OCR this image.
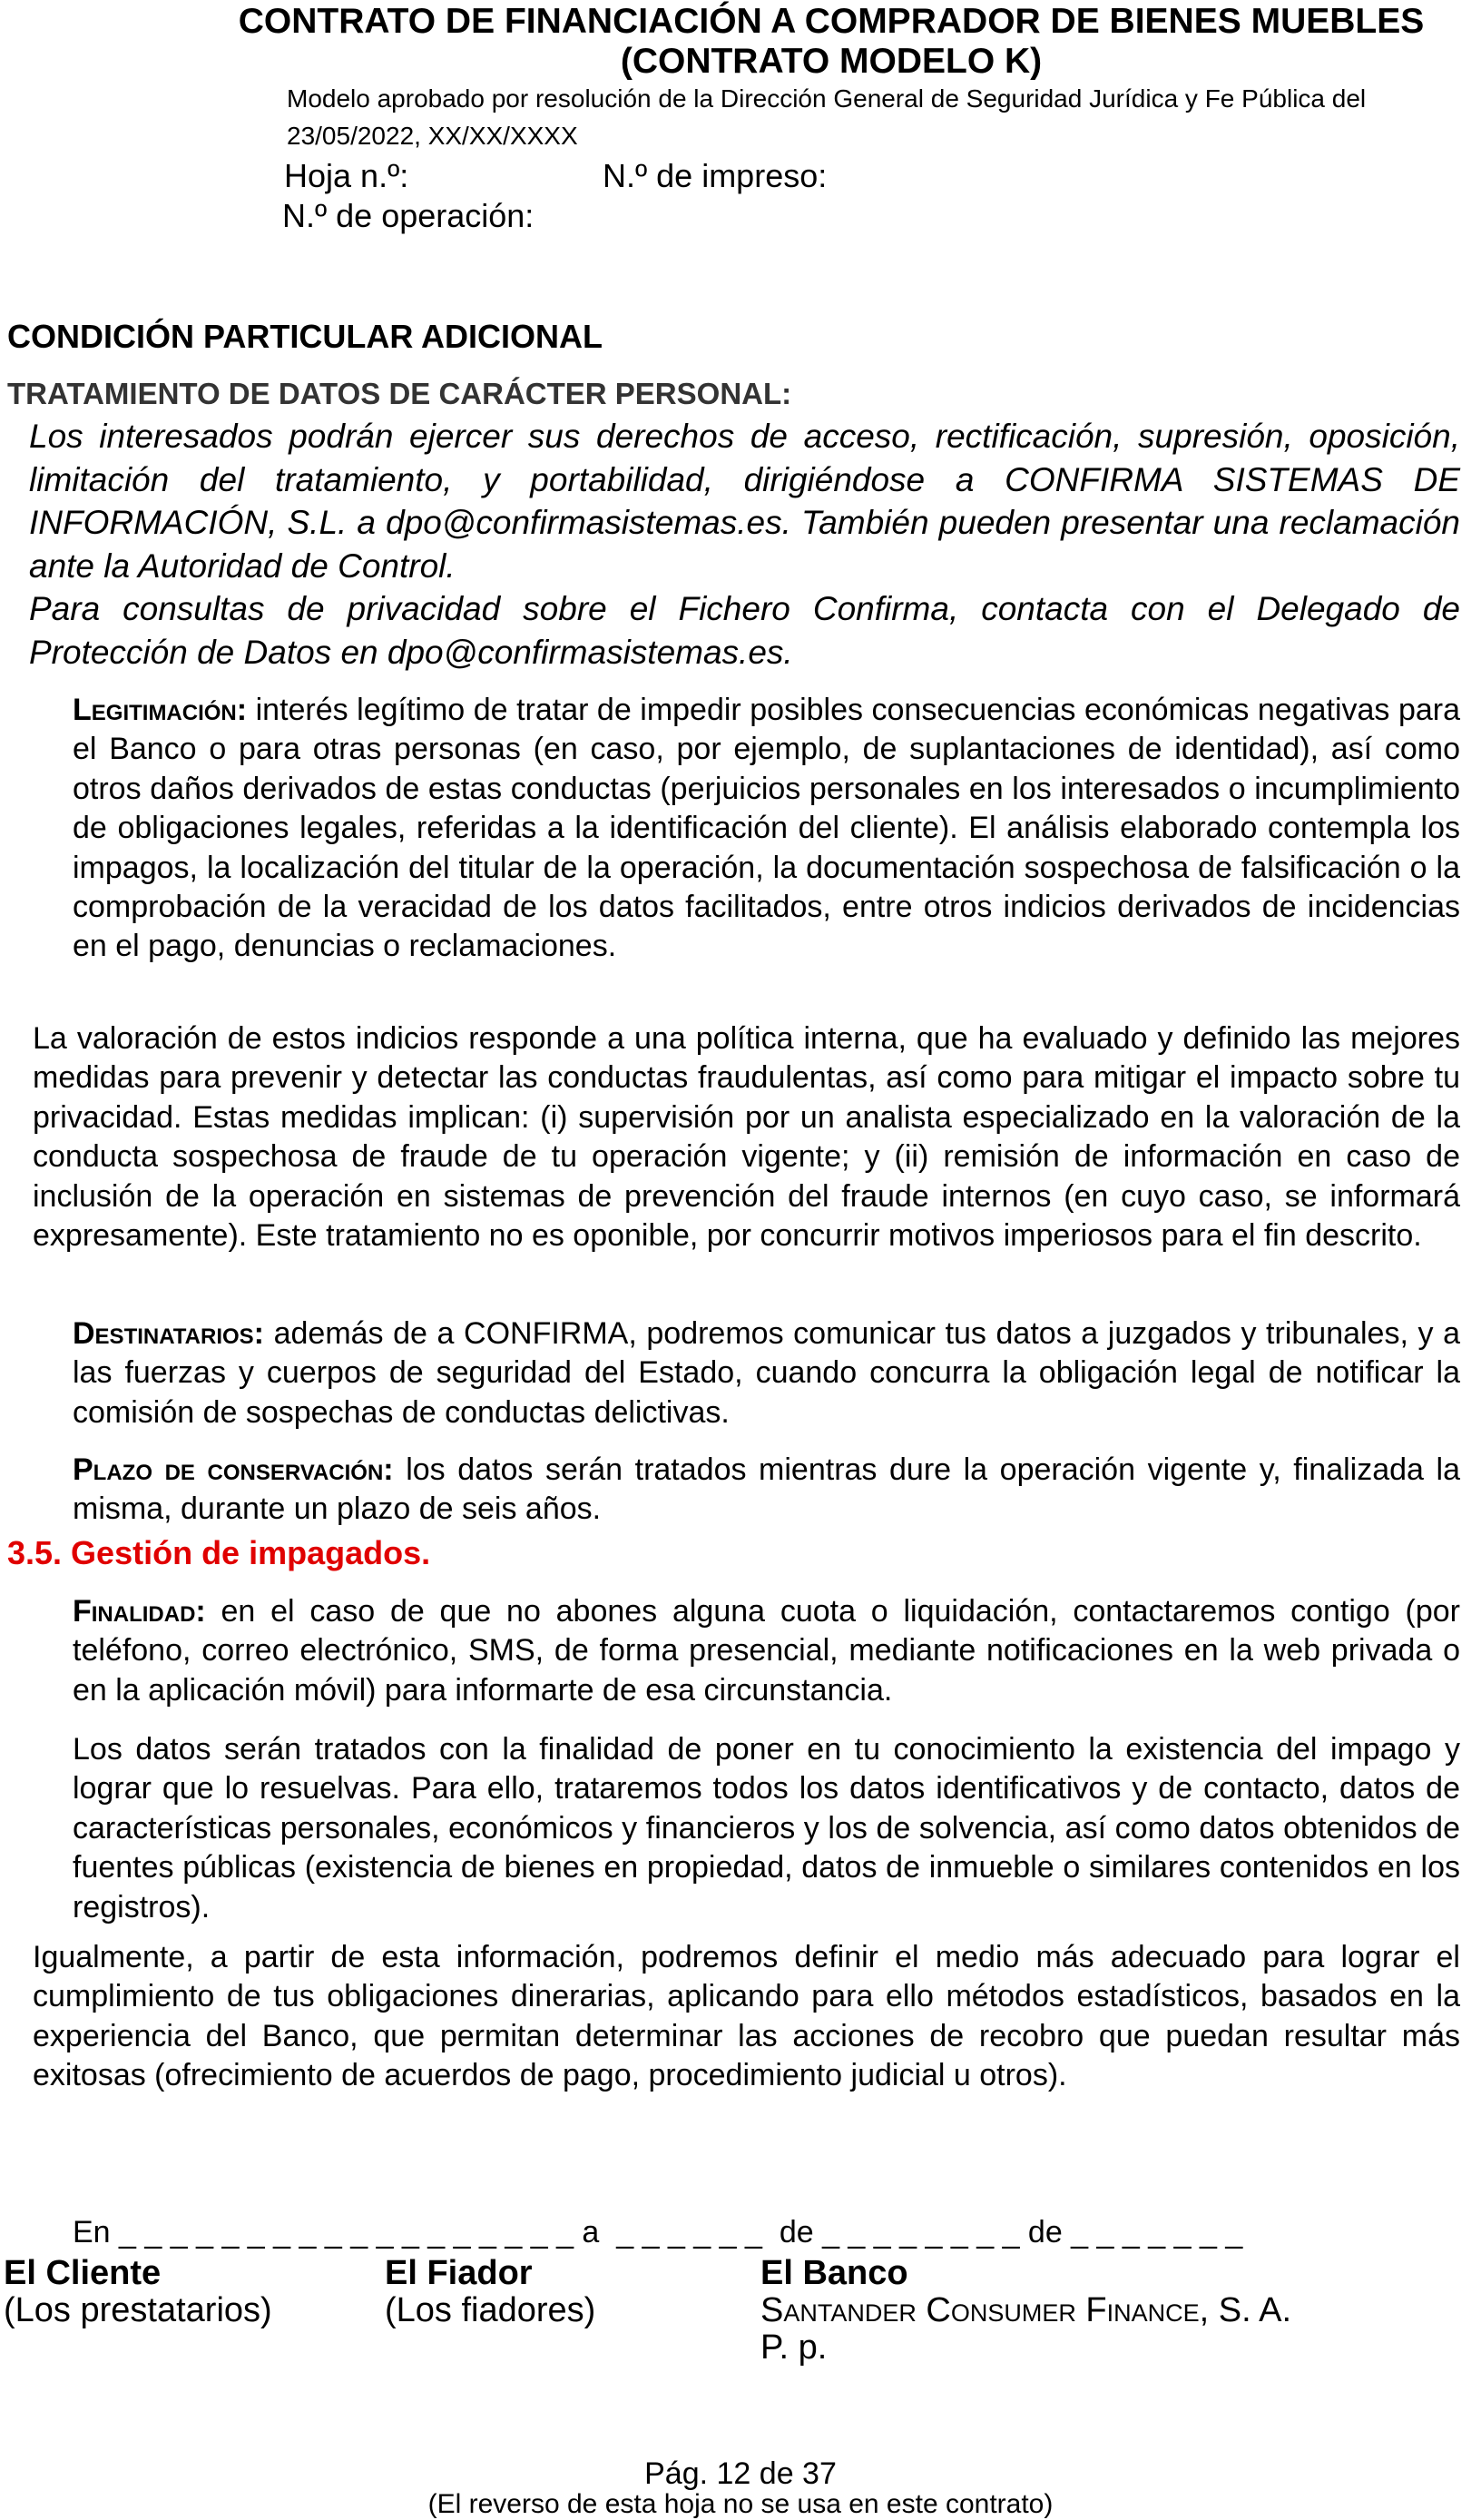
CONTRATO DE FINANCIACIÓN A COMPRADOR DE BIENES MUEBLES
(CONTRATO MODELO K)
Modelo aprobado por resolución de la Dirección General de Seguridad Jurídica y Fe Pública del
23/05/2022, XX/XX/XXXX
Hoja n.º:	N.º de impreso:
N.º de operación:
CONDICIÓN PARTICULAR ADICIONAL
TRATAMIENTO DE DATOS DE CARÁCTER PERSONAL:

Los interesados podrán ejercer sus derechos de acceso, rectificación, supresión, oposición, limitación del tratamiento, y portabilidad, dirigiéndose a CONFIRMA SISTEMAS DE INFORMACIÓN, S.L. a dpo@confirmasistemas.es. También pueden presentar una reclamación ante la Autoridad de Control.

Para consultas de privacidad sobre el Fichero Confirma, contacta con el Delegado de Protección de Datos en dpo@confirmasistemas.es.

Legitimación: interés legítimo de tratar de impedir posibles consecuencias económicas negativas para el Banco o para otras personas (en caso, por ejemplo, de suplantaciones de identidad), así como otros daños derivados de estas conductas (perjuicios personales en los interesados o incumplimiento de obligaciones legales, referidas a la identificación del cliente). El análisis elaborado contempla los impagos, la localización del titular de la operación, la documentación sospechosa de falsificación o la comprobación de la veracidad de los datos facilitados, entre otros indicios derivados de incidencias en el pago, denuncias o reclamaciones.

La valoración de estos indicios responde a una política interna, que ha evaluado y definido las mejores medidas para prevenir y detectar las conductas fraudulentas, así como para mitigar el impacto sobre tu privacidad. Estas medidas implican: (i) supervisión por un analista especializado en la valoración de la conducta sospechosa de fraude de tu operación vigente; y (ii) remisión de información en caso de inclusión de la operación en sistemas de prevención del fraude internos (en cuyo caso, se informará expresamente). Este tratamiento no es oponible, por concurrir motivos imperiosos para el fin descrito.

Destinatarios: además de a CONFIRMA, podremos comunicar tus datos a juzgados y tribunales, y a las fuerzas y cuerpos de seguridad del Estado, cuando concurra la obligación legal de notificar la comisión de sospechas de conductas delictivas.

Plazo de conservación: los datos serán tratados mientras dure la operación vigente y, finalizada la misma, durante un plazo de seis años.

3.5. Gestión de impagados.

Finalidad: en el caso de que no abones alguna cuota o liquidación, contactaremos contigo (por teléfono, correo electrónico, SMS, de forma presencial, mediante notificaciones en la web privada o en la aplicación móvil) para informarte de esa circunstancia.

Los datos serán tratados con la finalidad de poner en tu conocimiento la existencia del impago y lograr que lo resuelvas. Para ello, trataremos todos los datos identificativos y de contacto, datos de características personales, económicos y financieros y los de solvencia, así como datos obtenidos de fuentes públicas (existencia de bienes en propiedad, datos de inmueble o similares contenidos en los registros).
Igualmente, a partir de esta información, podremos definir el medio más adecuado para lograr el cumplimiento de tus obligaciones dinerarias, aplicando para ello métodos estadísticos, basados en la experiencia del Banco, que permitan determinar las acciones de recobro que puedan resultar más exitosas (ofrecimiento de acuerdos de pago, procedimiento judicial u otros).
En _ _ _ _ _ _ _ _ _ _ _ _ _ _ _ _ _ _ a  _ _ _ _ _ _  de _ _ _ _ _ _ _ _ de _ _ _ _ _ _ _
El Cliente
(Los prestatarios)
El Fiador
(Los fiadores)
El Banco
Santander Consumer Finance, S. A.
P. p.
Pág. 12 de 37
(El reverso de esta hoja no se usa en este contrato)
